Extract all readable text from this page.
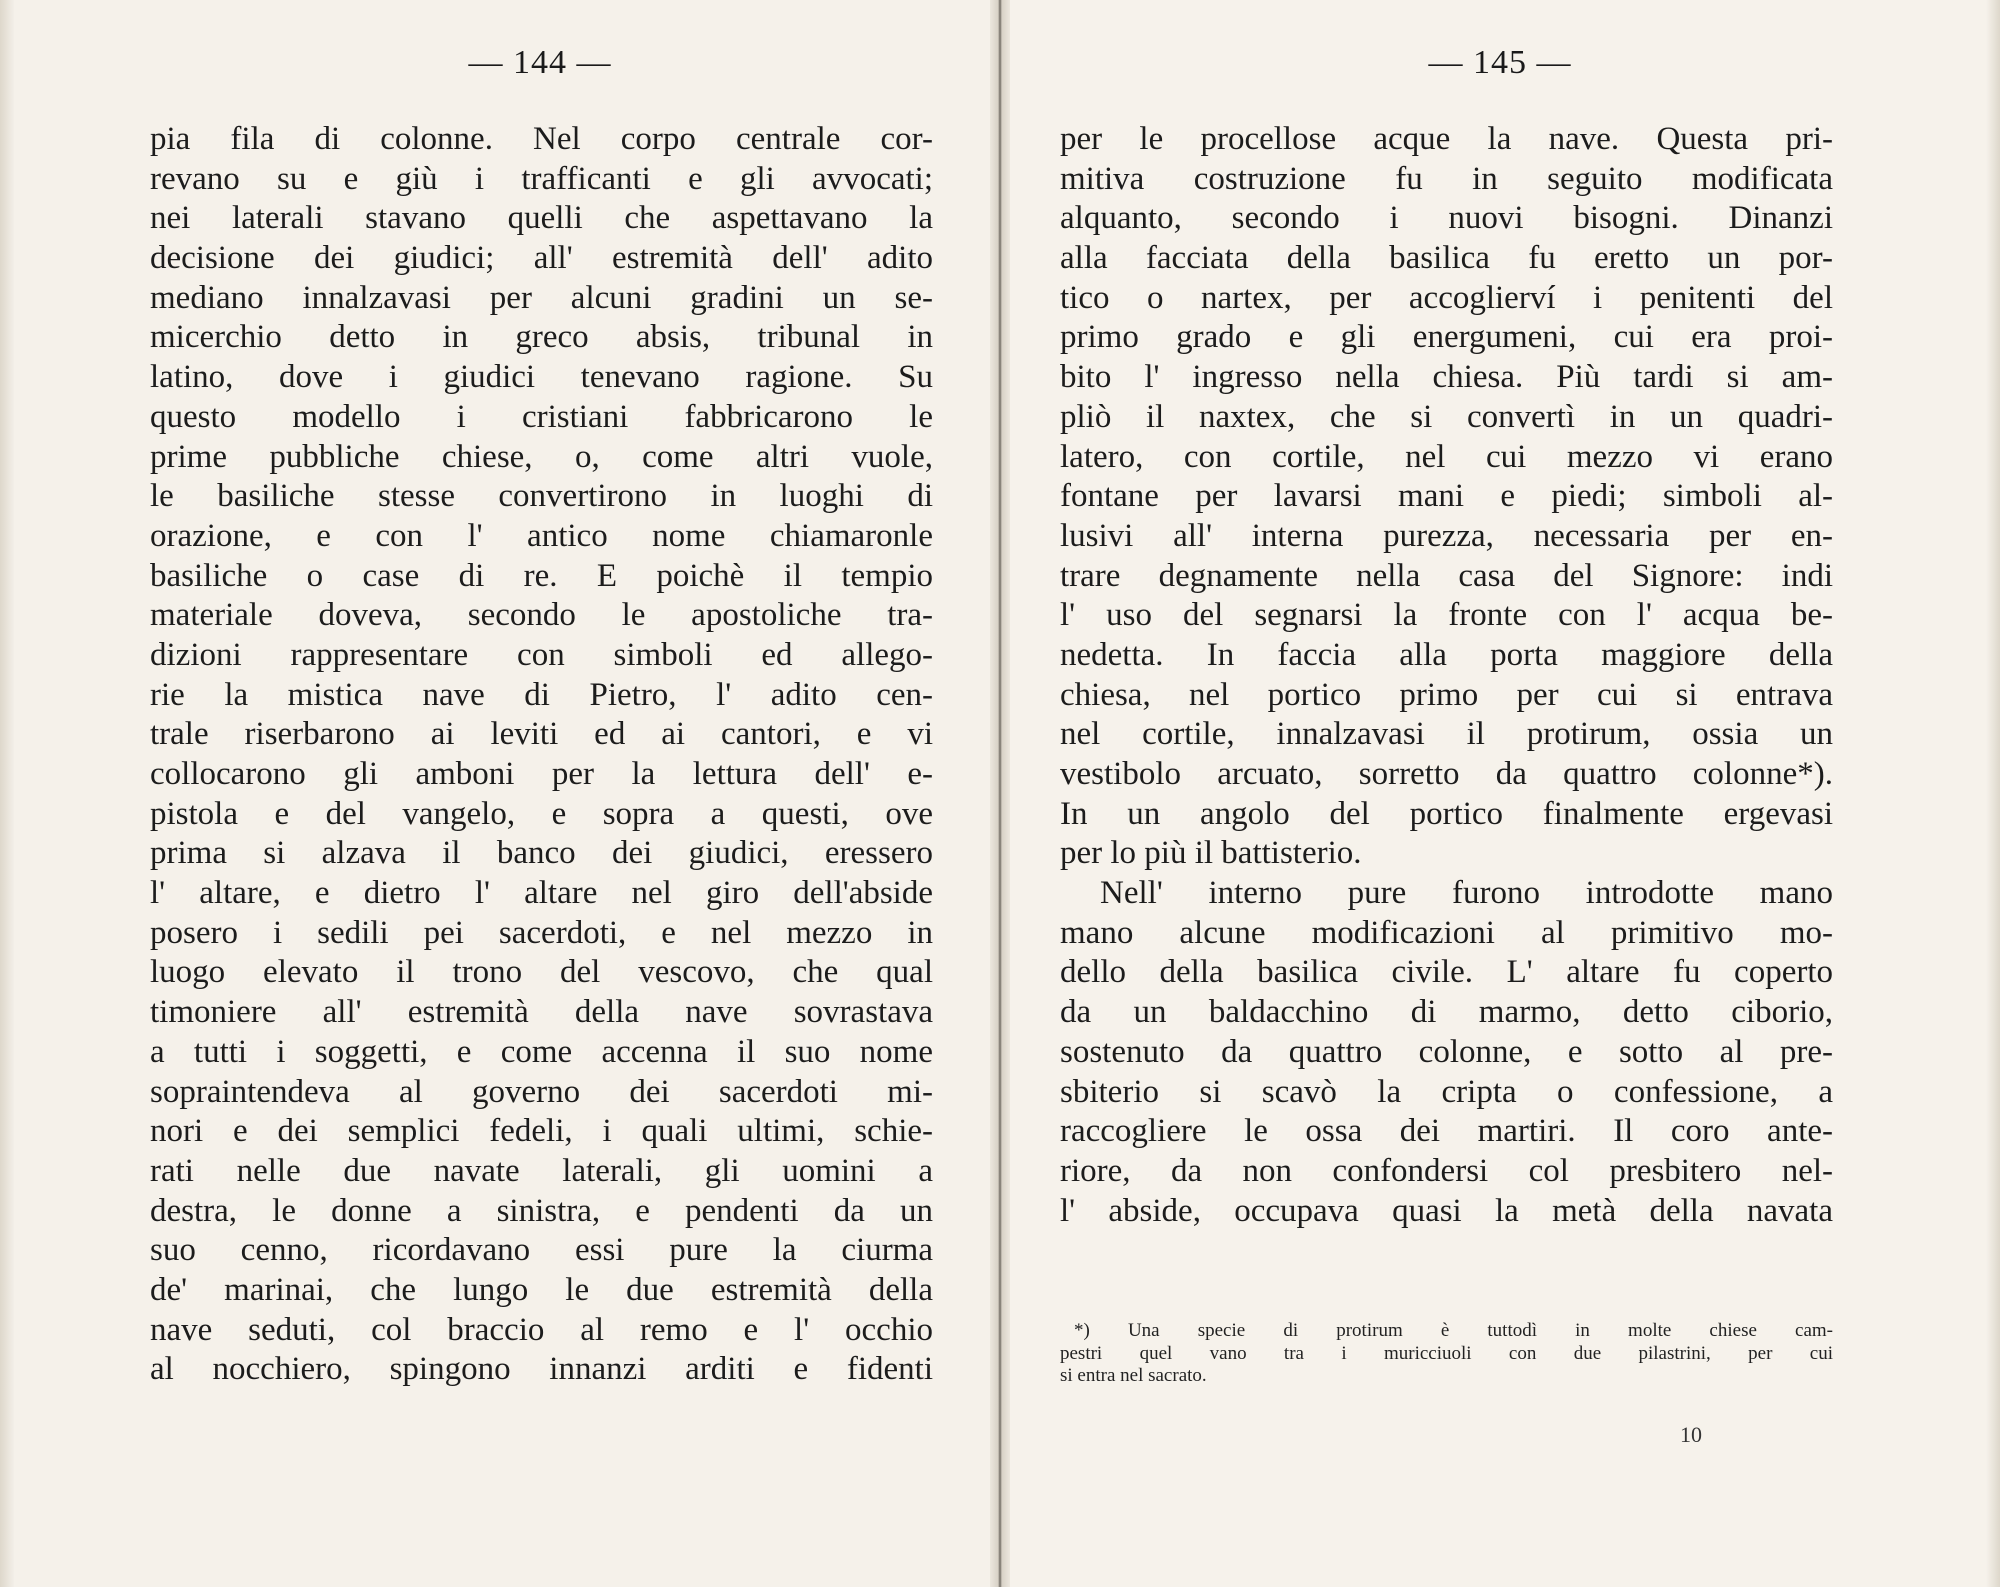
— 144 —
pia fila di colonne. Nel corpo centrale cor-
revano su e giù i trafficanti e gli avvocati;
nei laterali stavano quelli che aspettavano la
decisione dei giudici; all' estremità dell' adito
mediano innalzavasi per alcuni gradini un se-
micerchio detto in greco absis, tribunal in
latino, dove i giudici tenevano ragione. Su
questo modello i cristiani fabbricarono le
prime pubbliche chiese, o, come altri vuole,
le basiliche stesse convertirono in luoghi di
orazione, e con l' antico nome chiamaronle
basiliche o case di re. E poichè il tempio
materiale doveva, secondo le apostoliche tra-
dizioni rappresentare con simboli ed allego-
rie la mistica nave di Pietro, l' adito cen-
trale riserbarono ai leviti ed ai cantori, e vi
collocarono gli amboni per la lettura dell' e-
pistola e del vangelo, e sopra a questi, ove
prima si alzava il banco dei giudici, eressero
l' altare, e dietro l' altare nel giro dell'abside
posero i sedili pei sacerdoti, e nel mezzo in
luogo elevato il trono del vescovo, che qual
timoniere all' estremità della nave sovrastava
a tutti i soggetti, e come accenna il suo nome
sopraintendeva al governo dei sacerdoti mi-
nori e dei semplici fedeli, i quali ultimi, schie-
rati nelle due navate laterali, gli uomini a
destra, le donne a sinistra, e pendenti da un
suo cenno, ricordavano essi pure la ciurma
de' marinai, che lungo le due estremità della
nave seduti, col braccio al remo e l' occhio
al nocchiero, spingono innanzi arditi e fidenti
— 145 —
per le procellose acque la nave. Questa pri-
mitiva costruzione fu in seguito modificata
alquanto, secondo i nuovi bisogni. Dinanzi
alla facciata della basilica fu eretto un por-
tico o nartex, per accoglierví i penitenti del
primo grado e gli energumeni, cui era proi-
bito l' ingresso nella chiesa. Più tardi si am-
pliò il naxtex, che si convertì in un quadri-
latero, con cortile, nel cui mezzo vi erano
fontane per lavarsi mani e piedi; simboli al-
lusivi all' interna purezza, necessaria per en-
trare degnamente nella casa del Signore: indi
l' uso del segnarsi la fronte con l' acqua be-
nedetta. In faccia alla porta maggiore della
chiesa, nel portico primo per cui si entrava
nel cortile, innalzavasi il protirum, ossia un
vestibolo arcuato, sorretto da quattro colonne*).
In un angolo del portico finalmente ergevasi
per lo più il battisterio.
Nell' interno pure furono introdotte mano
mano alcune modificazioni al primitivo mo-
dello della basilica civile. L' altare fu coperto
da un baldacchino di marmo, detto ciborio,
sostenuto da quattro colonne, e sotto al pre-
sbiterio si scavò la cripta o confessione, a
raccogliere le ossa dei martiri. Il coro ante-
riore, da non confondersi col presbitero nel-
l' abside, occupava quasi la metà della navata
*) Una specie di protirum è tuttodì in molte chiese cam-
pestri quel vano tra i muricciuoli con due pilastrini, per cui
si entra nel sacrato.
10
